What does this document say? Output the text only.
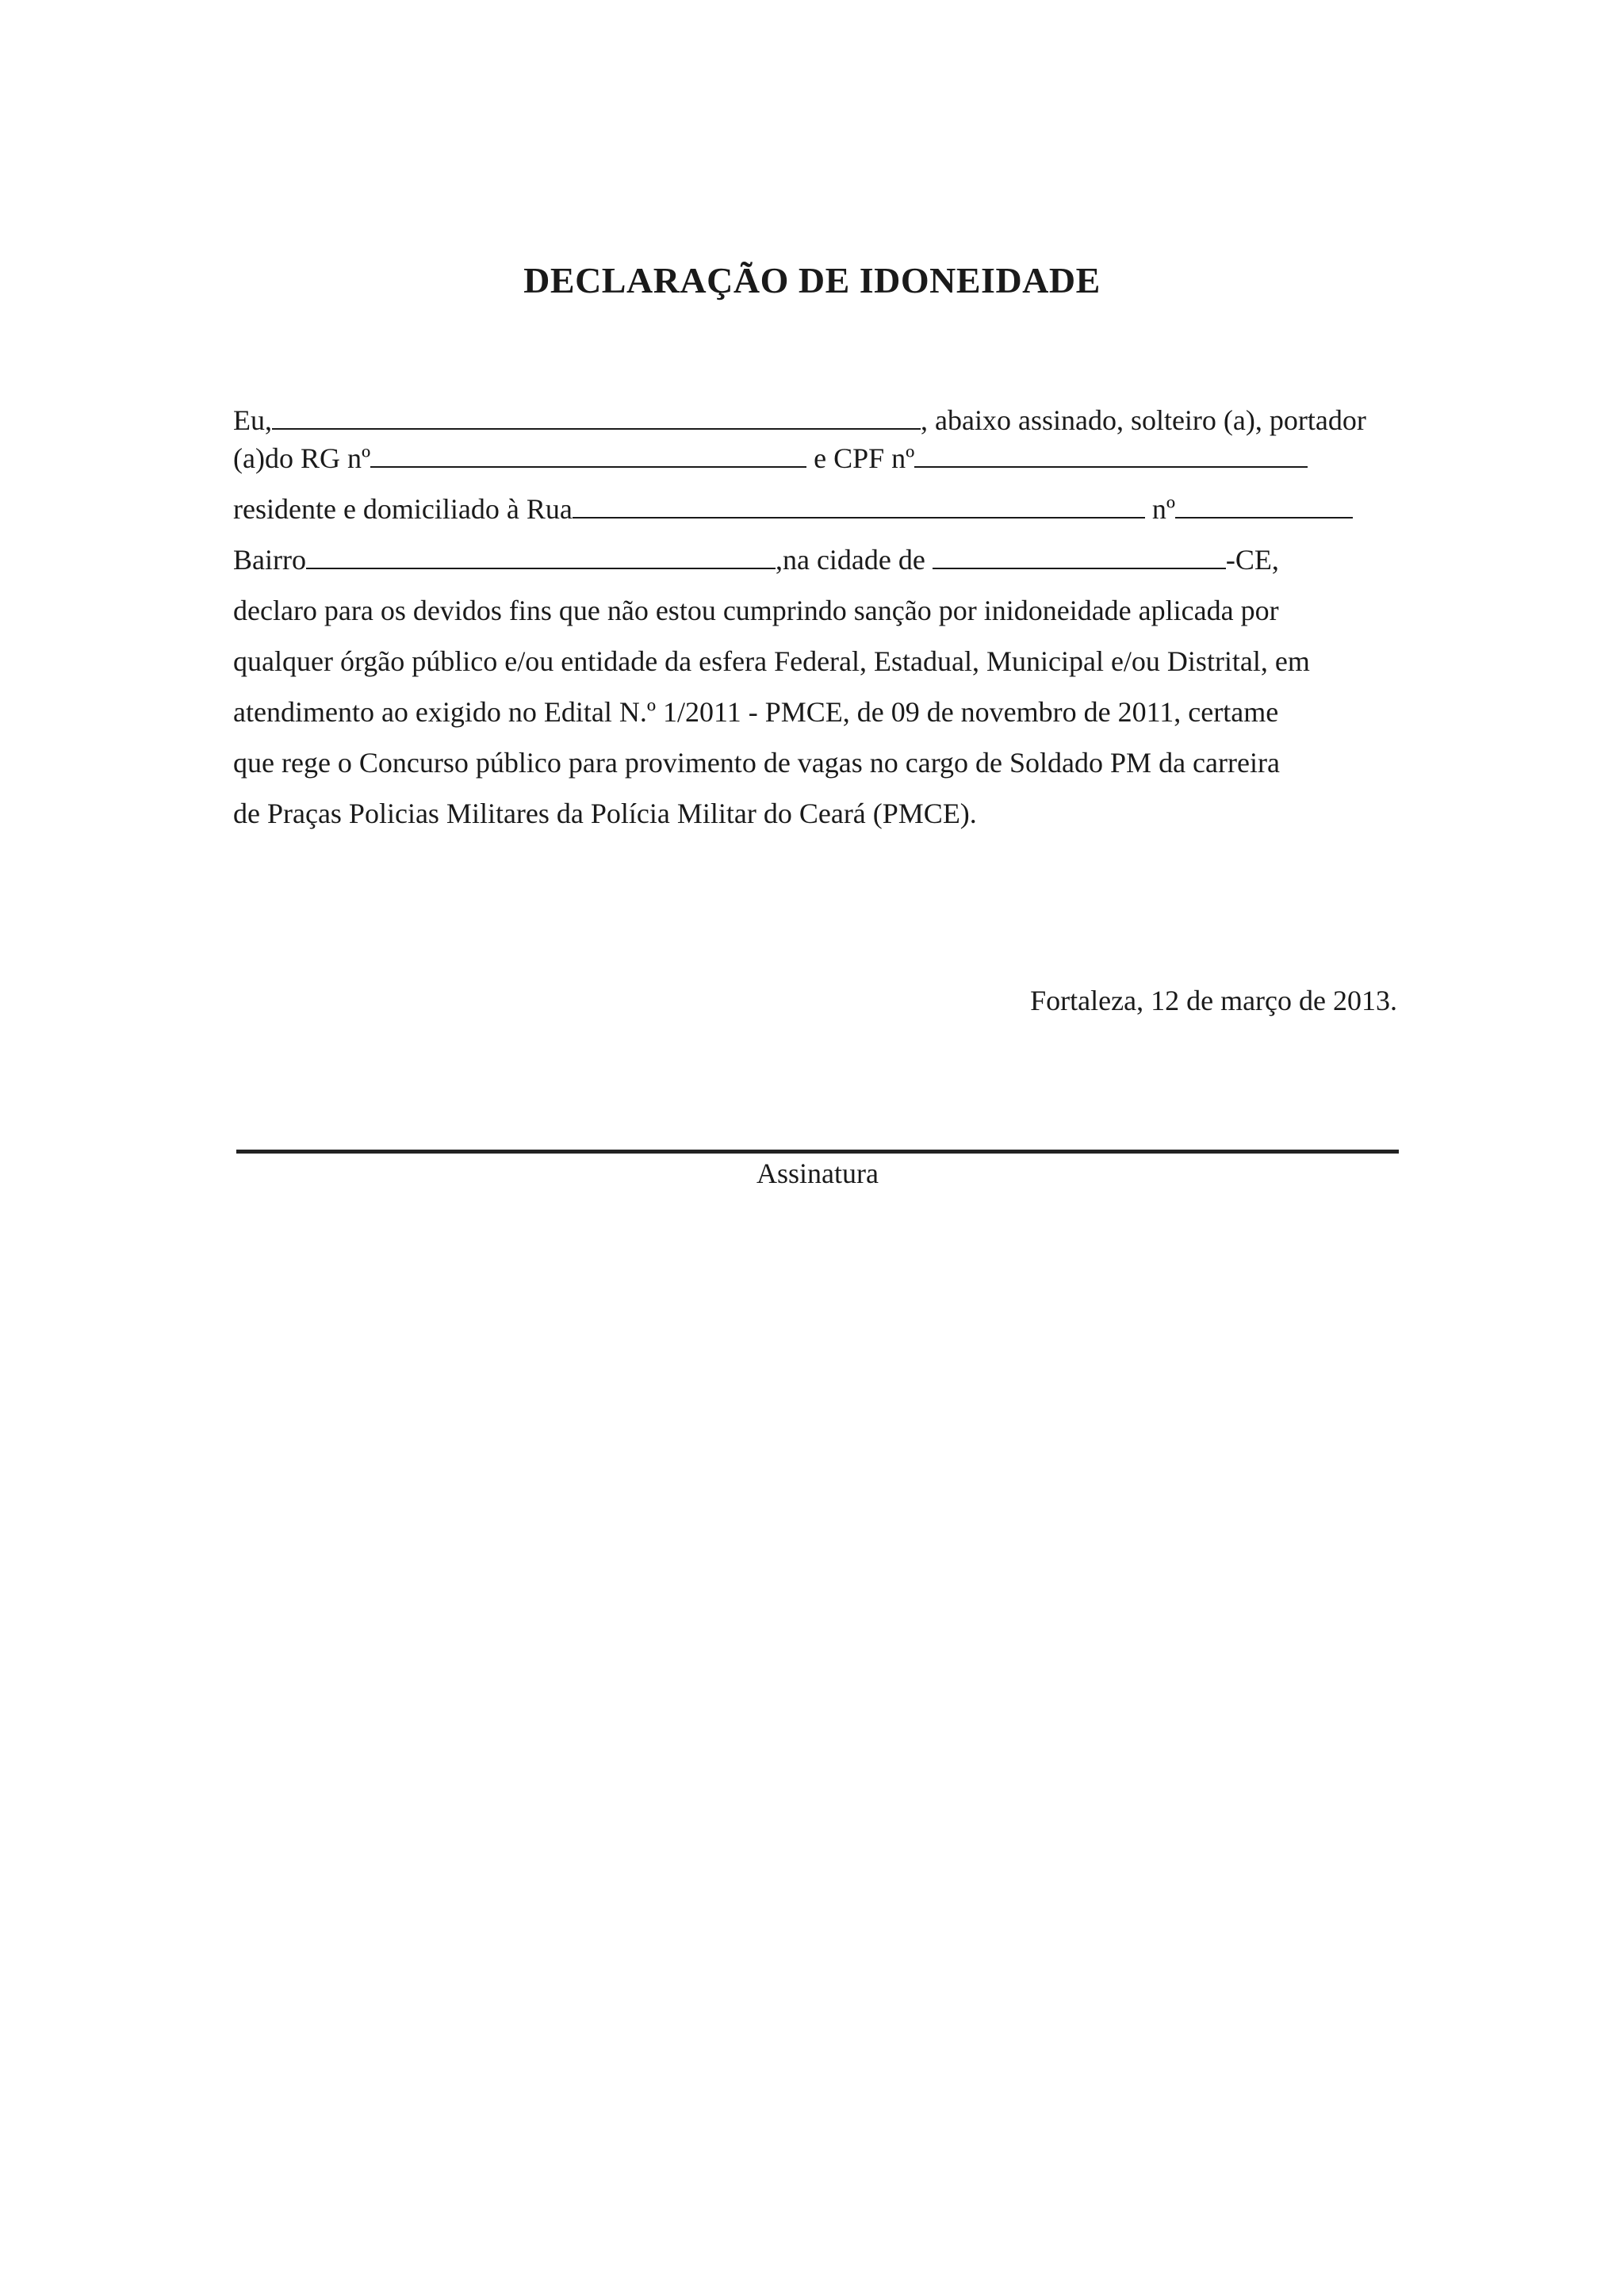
DECLARAÇÃO DE IDONEIDADE
Eu,	, abaixo assinado, solteiro (a), portador
(a)do RG nº	e CPF nº
residente e domiciliado à Rua	nº
Bairro	,na cidade de	-CE,
declaro para os devidos fins que não estou cumprindo sanção por inidoneidade aplicada por
qualquer órgão público e/ou entidade da esfera Federal, Estadual, Municipal e/ou Distrital, em
atendimento ao exigido no Edital N.º 1/2011 - PMCE, de 09 de novembro de 2011, certame
que rege o Concurso público para provimento de vagas no cargo de Soldado PM da carreira
de Praças Policias Militares da Polícia Militar do Ceará (PMCE).
Fortaleza, 12 de março de 2013.
Assinatura
